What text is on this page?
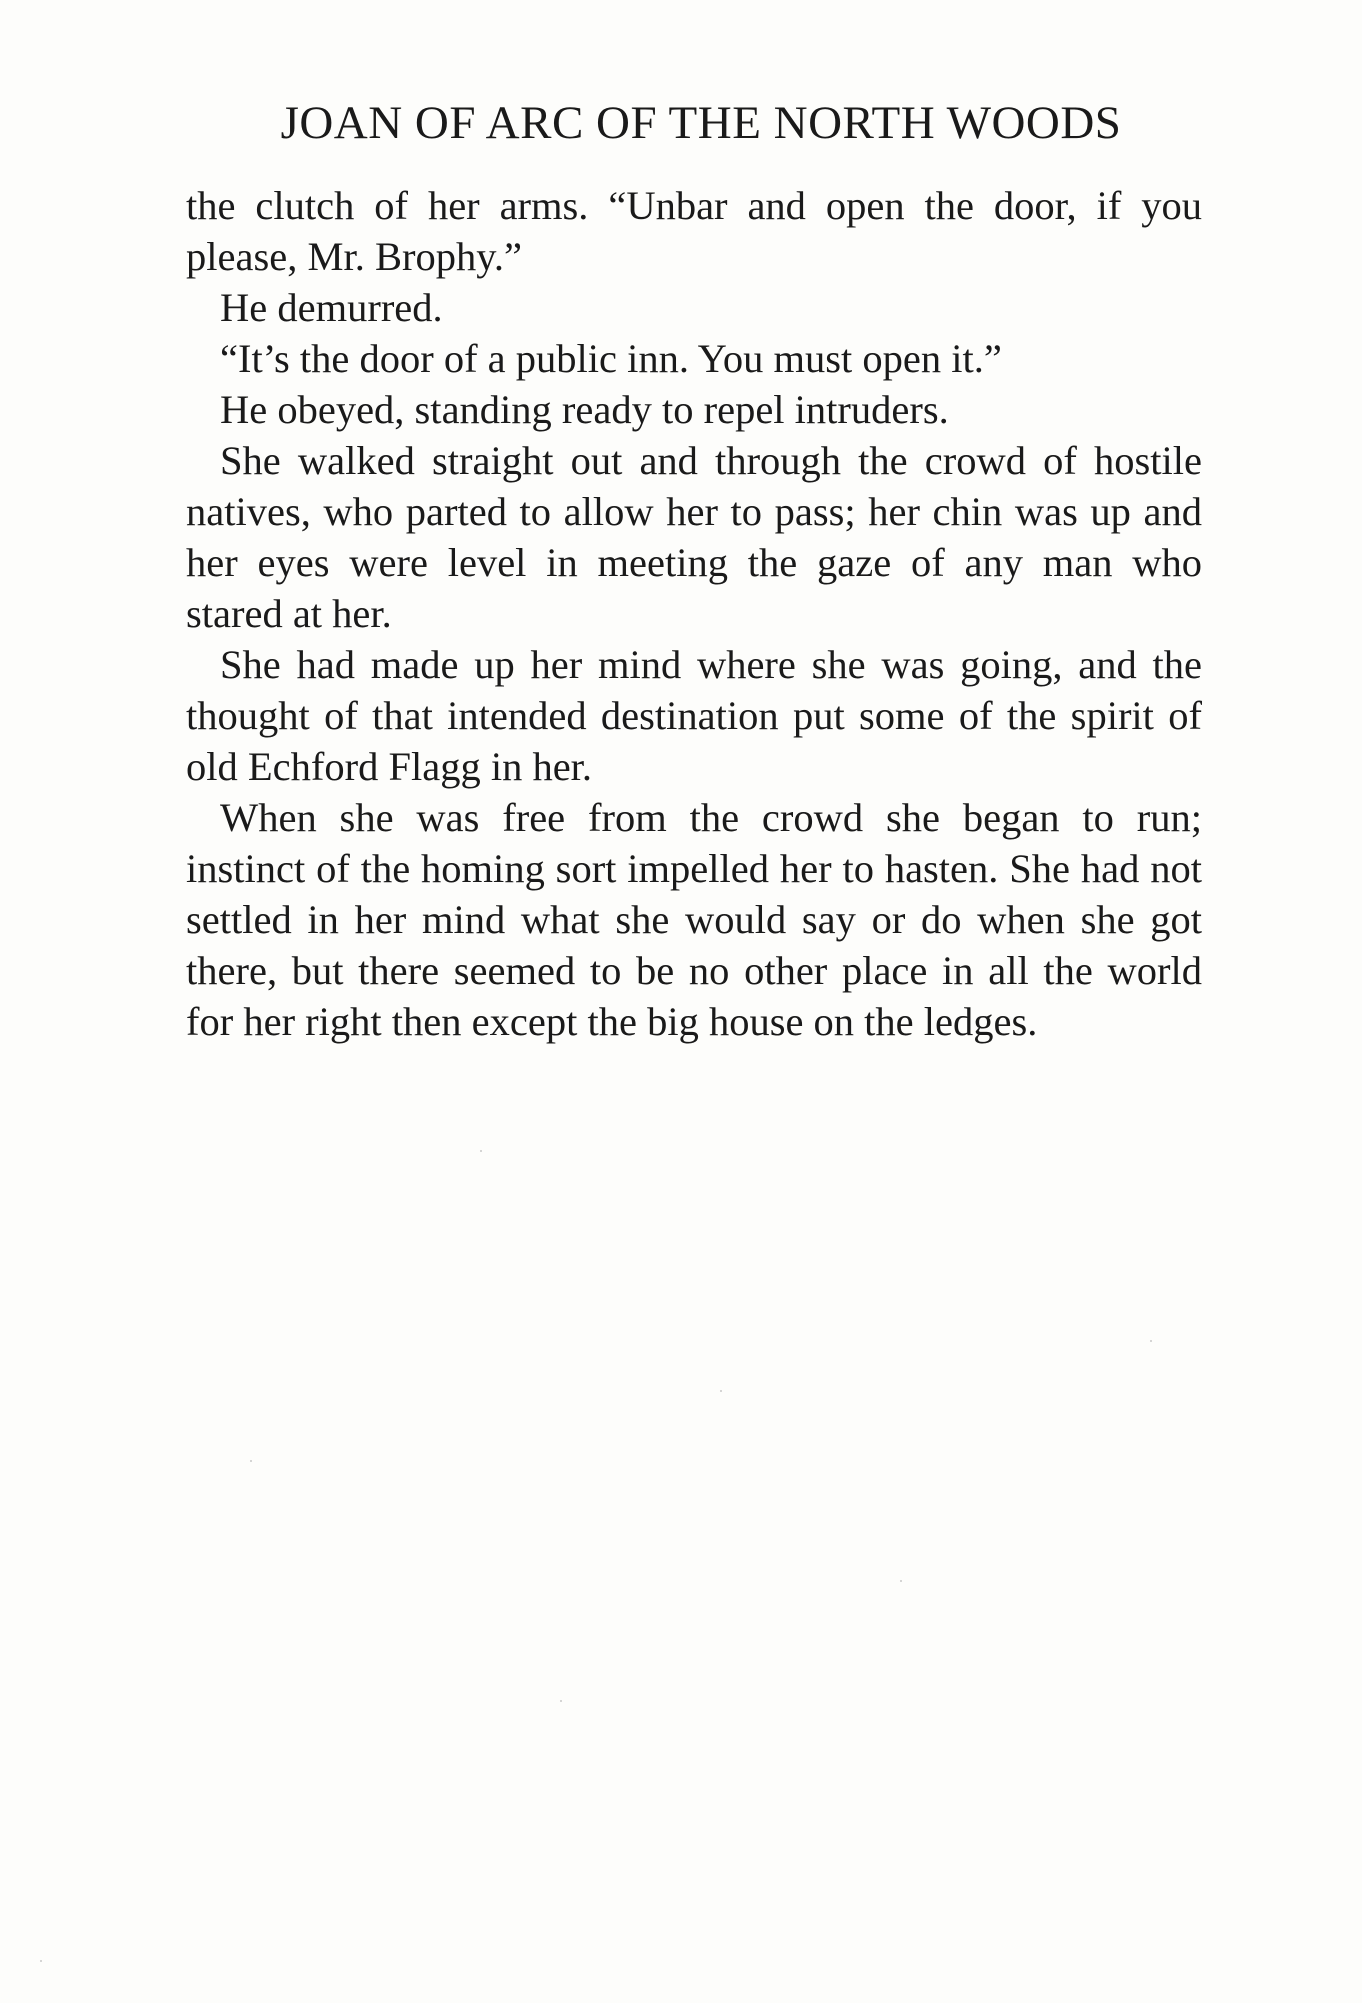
JOAN OF ARC OF THE NORTH WOODS

the clutch of her arms. “Unbar and open the door, if you please, Mr. Brophy.”

He demurred.

“It’s the door of a public inn. You must open it.”

He obeyed, standing ready to repel intruders.

She walked straight out and through the crowd of hostile natives, who parted to allow her to pass; her chin was up and her eyes were level in meeting the gaze of any man who stared at her.

She had made up her mind where she was going, and the thought of that intended destination put some of the spirit of old Echford Flagg in her.

When she was free from the crowd she began to run; instinct of the homing sort impelled her to hasten. She had not settled in her mind what she would say or do when she got there, but there seemed to be no other place in all the world for her right then except the big house on the ledges.
